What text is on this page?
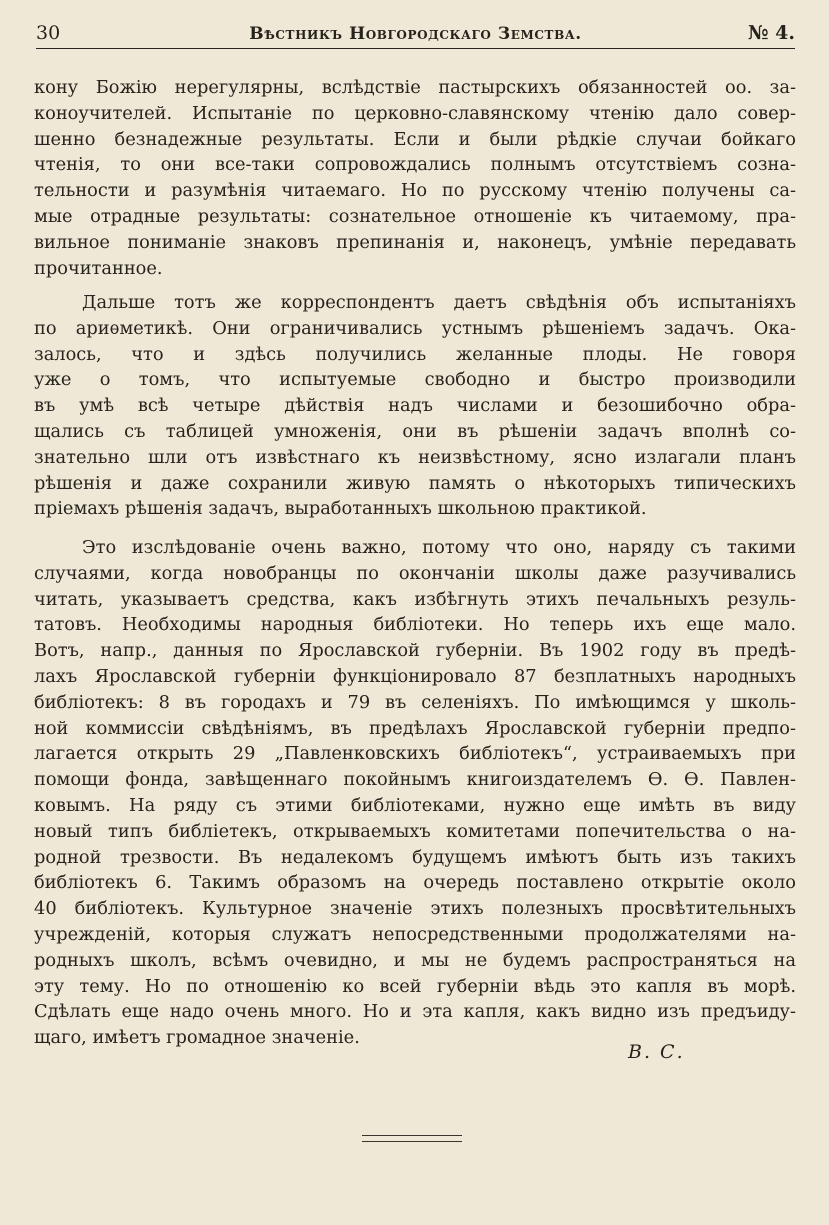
30	Вѣстникъ Новгородскаго Земства.	№ 4.
кону Божію нерегулярны, вслѣдствіе пастырскихъ обязанностей оо. за-
коноучителей. Испытаніе по церковно-славянскому чтенію дало совер-
шенно безнадежные результаты. Если и были рѣдкіе случаи бойкаго
чтенія, то они все-таки сопровождались полнымъ отсутствіемъ созна-
тельности и разумѣнія читаемаго. Но по русскому чтенію получены са-
мые отрадные результаты: сознательное отношеніе къ читаемому, пра-
вильное пониманіе знаковъ препинанія и, наконецъ, умѣніе передавать
прочитанное.
Дальше тотъ же корреспондентъ даетъ свѣдѣнія объ испытаніяхъ
по ариѳметикѣ. Они ограничивались устнымъ рѣшеніемъ задачъ. Ока-
залось, что и здѣсь получились желанные плоды. Не говоря
уже о томъ, что испытуемые свободно и быстро производили
въ умѣ всѣ четыре дѣйствія надъ числами и безошибочно обра-
щались съ таблицей умноженія, они въ рѣшеніи задачъ вполнѣ со-
знательно шли отъ извѣстнаго къ неизвѣстному, ясно излагали планъ
рѣшенія и даже сохранили живую память о нѣкоторыхъ типическихъ
пріемахъ рѣшенія задачъ, выработанныхъ школьною практикой.
Это изслѣдованіе очень важно, потому что оно, наряду съ такими
случаями, когда новобранцы по окончаніи школы даже разучивались
читать, указываетъ средства, какъ избѣгнуть этихъ печальныхъ резуль-
татовъ. Необходимы народныя библіотеки. Но теперь ихъ еще мало.
Вотъ, напр., данныя по Ярославской губерніи. Въ 1902 году въ предѣ-
лахъ Ярославской губерніи функціонировало 87 безплатныхъ народныхъ
библіотекъ: 8 въ городахъ и 79 въ селеніяхъ. По имѣющимся у школь-
ной коммиссіи свѣдѣніямъ, въ предѣлахъ Ярославской губерніи предпо-
лагается открыть 29 „Павленковскихъ библіотекъ“, устраиваемыхъ при
помощи фонда, завѣщеннаго покойнымъ книгоиздателемъ Ѳ. Ѳ. Павлен-
ковымъ. На ряду съ этими библіотеками, нужно еще имѣть въ виду
новый типъ библіетекъ, открываемыхъ комитетами попечительства о на-
родной трезвости. Въ недалекомъ будущемъ имѣютъ быть изъ такихъ
библіотекъ 6. Такимъ образомъ на очередь поставлено открытіе около
40 библіотекъ. Культурное значеніе этихъ полезныхъ просвѣтительныхъ
учрежденій, которыя служатъ непосредственными продолжателями на-
родныхъ школъ, всѣмъ очевидно, и мы не будемъ распространяться на
эту тему. Но по отношенію ко всей губерніи вѣдь это капля въ морѣ.
Сдѣлать еще надо очень много. Но и эта капля, какъ видно изъ предъиду-
щаго, имѣетъ громадное значеніе.
В. С.
